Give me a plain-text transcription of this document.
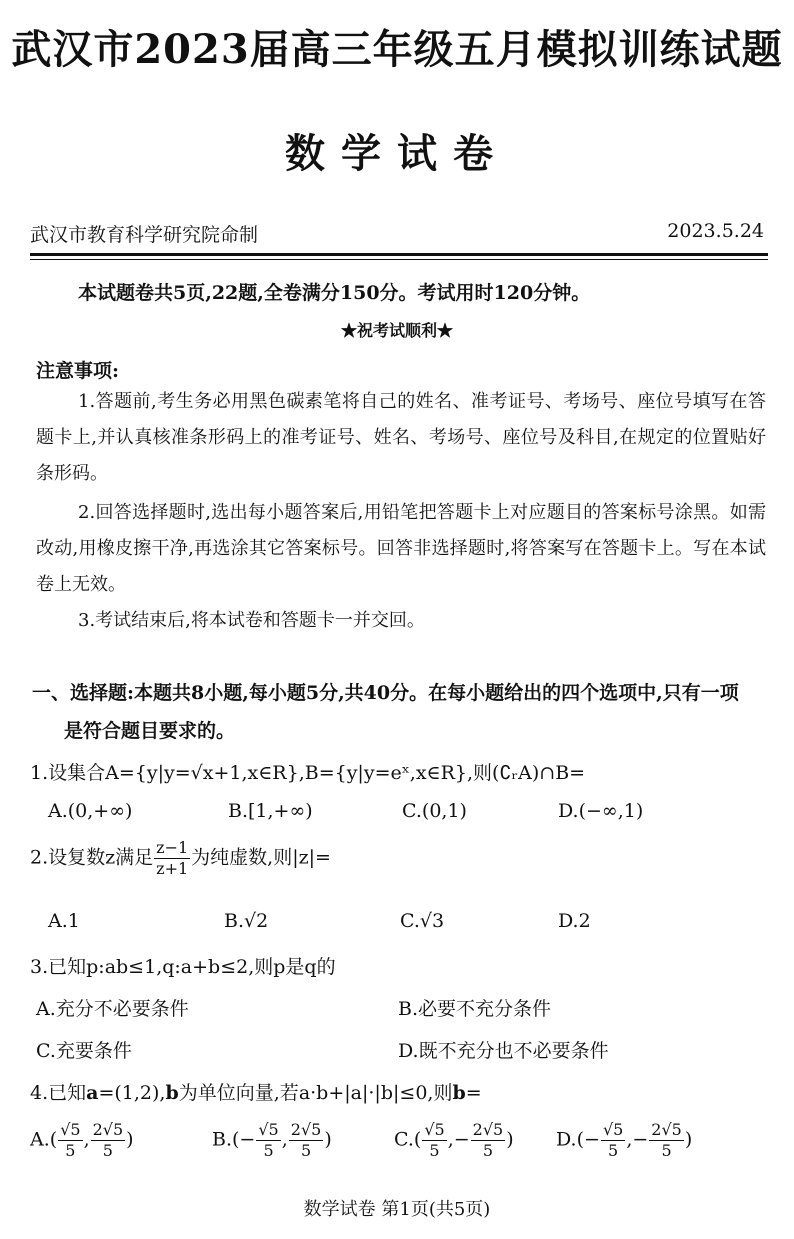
武汉市2023届高三年级五月模拟训练试题
数学试卷
武汉市教育科学研究院命制	2023.5.24
本试题卷共5页,22题,全卷满分150分。考试用时120分钟。
★祝考试顺利★
注意事项:
1.答题前,考生务必用黑色碳素笔将自己的姓名、准考证号、考场号、座位号填写在答题卡上,并认真核准条形码上的准考证号、姓名、考场号、座位号及科目,在规定的位置贴好条形码。
2.回答选择题时,选出每小题答案后,用铅笔把答题卡上对应题目的答案标号涂黑。如需改动,用橡皮擦干净,再选涂其它答案标号。回答非选择题时,将答案写在答题卡上。写在本试卷上无效。
3.考试结束后,将本试卷和答题卡一并交回。
一、选择题:本题共8小题,每小题5分,共40分。在每小题给出的四个选项中,只有一项
是符合题目要求的。
1.设集合A={y|y=√x+1,x∈R},B={y|y=eˣ,x∈R},则(∁ᵣA)∩B=
A.(0,+∞)	B.[1,+∞)	C.(0,1)	D.(−∞,1)
2.设复数z满足 $\frac{z-1}{z+1}$ 为纯虚数,则|z|=
A.1	B.√2	C.√3	D.2
3.已知p:ab≤1,q:a+b≤2,则p是q的
A.充分不必要条件	B.必要不充分条件
C.充要条件	D.既不充分也不必要条件
4.已知a=(1,2),b为单位向量,若a·b+|a|·|b|≤0,则b=
$A.( \frac{√5}{5}$ , $\frac{2√5}{5}$ )	$B.(- \frac{√5}{5}$ , $\frac{2√5}{5}$ )	$C.( \frac{√5}{5}$ ,− $\frac{2√5}{5}$ ) $D.(- \frac{√5}{5}$ ,− $\frac{2√5}{5}$ )
数学试卷 第1页(共5页)
